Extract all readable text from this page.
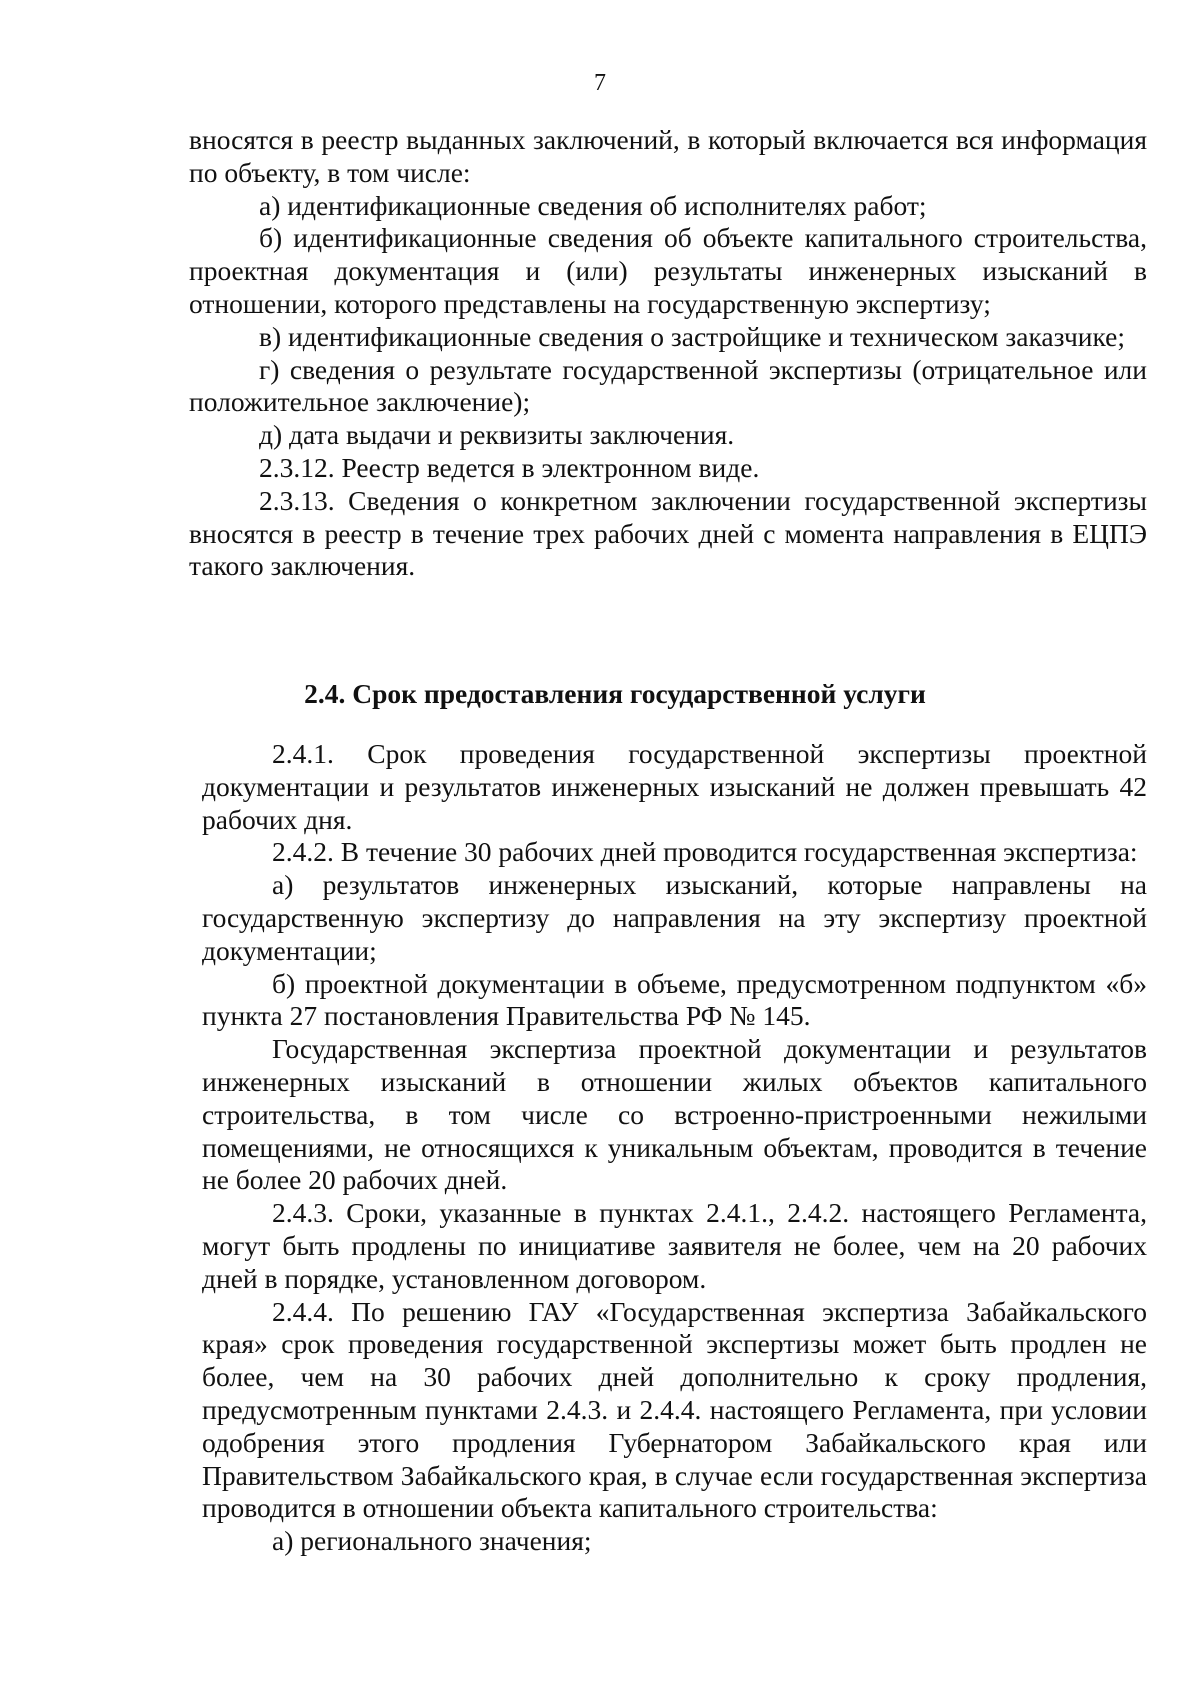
7

вносятся в реестр выданных заключений, в который включается вся информация по объекту, в том числе:

а) идентификационные сведения об исполнителях работ;

б) идентификационные сведения об объекте капитального строительства, проектная документация и (или) результаты инженерных изысканий в отношении, которого представлены на государственную экспертизу;

в) идентификационные сведения о застройщике и техническом заказчике;

г) сведения о результате государственной экспертизы (отрицательное или положительное заключение);

д) дата выдачи и реквизиты заключения.

2.3.12. Реестр ведется в электронном виде.

2.3.13. Сведения о конкретном заключении государственной экспертизы вносятся в реестр в течение трех рабочих дней с момента направления в ЕЦПЭ такого заключения.

2.4. Срок предоставления государственной услуги

2.4.1. Срок проведения государственной экспертизы проектной документации и результатов инженерных изысканий не должен превышать 42 рабочих дня.

2.4.2. В течение 30 рабочих дней проводится государственная экспертиза:

а) результатов инженерных изысканий, которые направлены на государственную экспертизу до направления на эту экспертизу проектной документации;

б) проектной документации в объеме, предусмотренном подпунктом «б» пункта 27 постановления Правительства РФ № 145.

Государственная экспертиза проектной документации и результатов инженерных изысканий в отношении жилых объектов капитального строительства, в том числе со встроенно-пристроенными нежилыми помещениями, не относящихся к уникальным объектам, проводится в течение не более 20 рабочих дней.

2.4.3. Сроки, указанные в пунктах 2.4.1., 2.4.2. настоящего Регламента, могут быть продлены по инициативе заявителя не более, чем на 20 рабочих дней в порядке, установленном договором.

2.4.4. По решению ГАУ «Государственная экспертиза Забайкальского края» срок проведения государственной экспертизы может быть продлен не более, чем на 30 рабочих дней дополнительно к сроку продления, предусмотренным пунктами 2.4.3. и 2.4.4. настоящего Регламента, при условии одобрения этого продления Губернатором Забайкальского края или Правительством Забайкальского края, в случае если государственная экспертиза проводится в отношении объекта капитального строительства:

а) регионального значения;
